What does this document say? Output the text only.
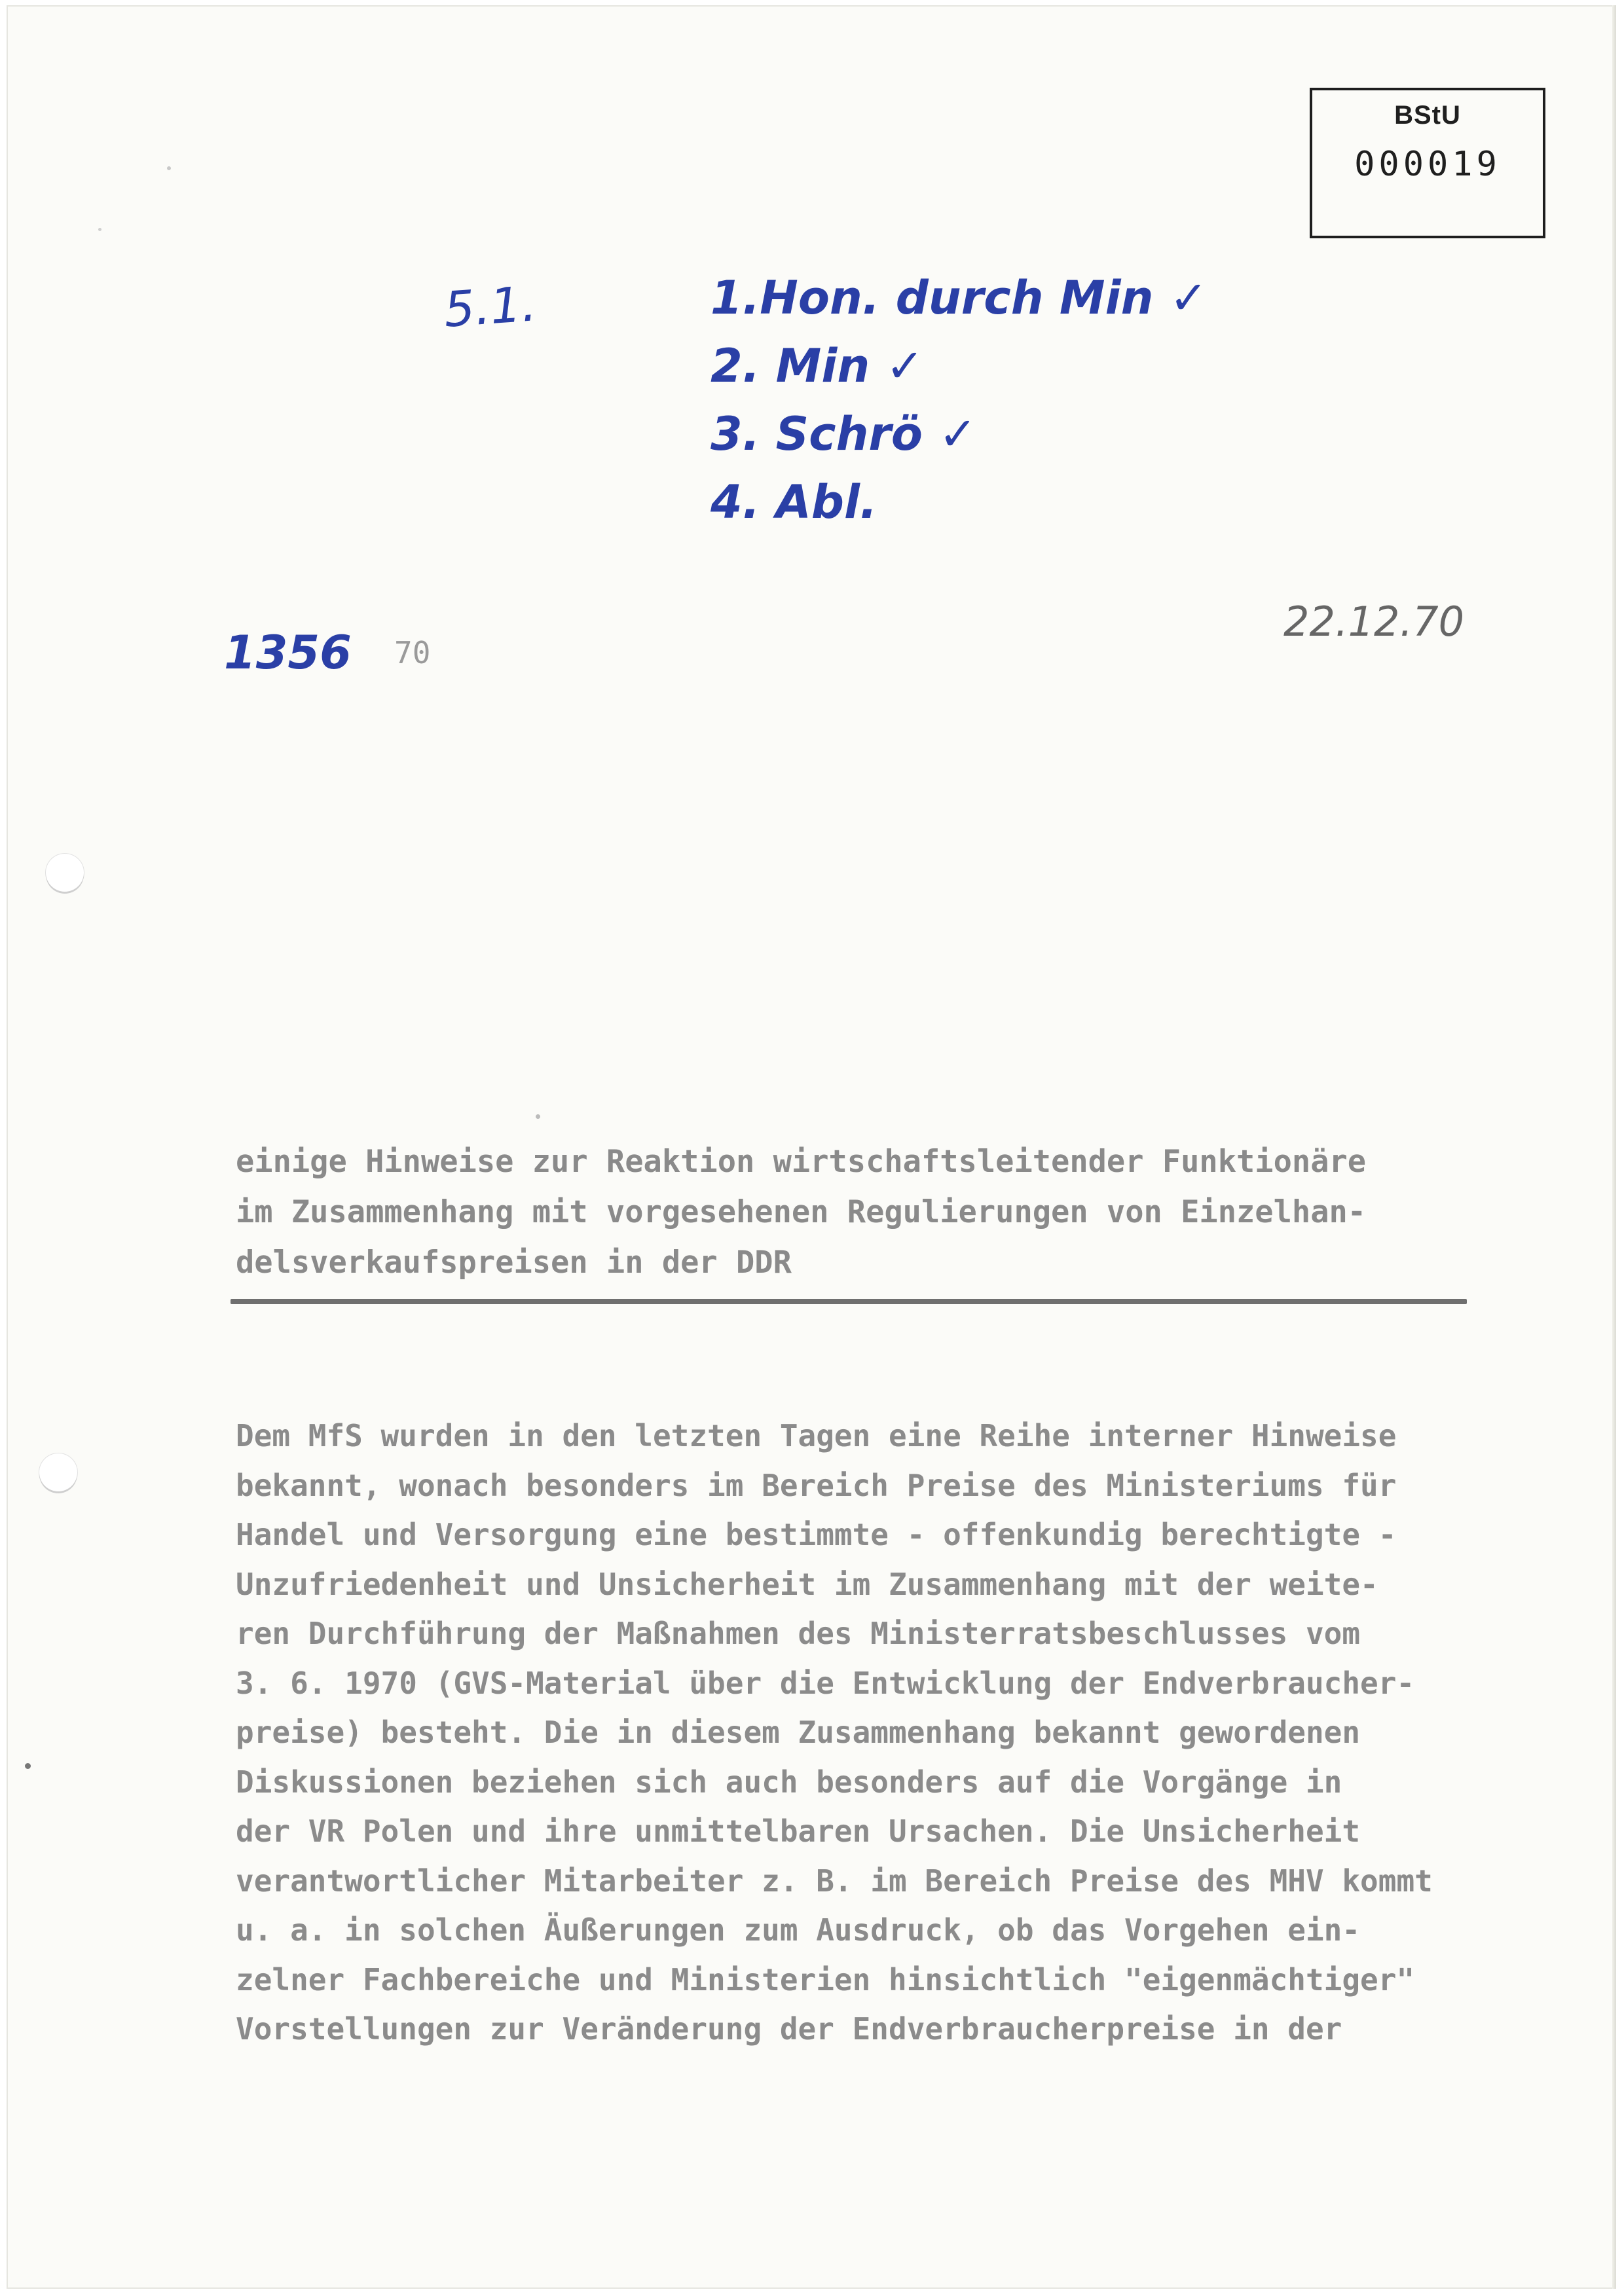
BStU
000019
5.1.	1.Hon. durch Min ✓
2. Min ✓
3. Schrö ✓
4. Abl.
22.12.70
1356 70
einige Hinweise zur Reaktion wirtschaftsleitender Funktionäre
im Zusammenhang mit vorgesehenen Regulierungen von Einzelhan-
delsverkaufspreisen in der DDR
Dem MfS wurden in den letzten Tagen eine Reihe interner Hinweise
bekannt, wonach besonders im Bereich Preise des Ministeriums für
Handel und Versorgung eine bestimmte - offenkundig berechtigte -
Unzufriedenheit und Unsicherheit im Zusammenhang mit der weite-
ren Durchführung der Maßnahmen des Ministerratsbeschlusses vom
3. 6. 1970 (GVS-Material über die Entwicklung der Endverbraucher-
preise) besteht. Die in diesem Zusammenhang bekannt gewordenen
Diskussionen beziehen sich auch besonders auf die Vorgänge in
der VR Polen und ihre unmittelbaren Ursachen. Die Unsicherheit
verantwortlicher Mitarbeiter z. B. im Bereich Preise des MHV kommt
u. a. in solchen Äußerungen zum Ausdruck, ob das Vorgehen ein-
zelner Fachbereiche und Ministerien hinsichtlich "eigenmächtiger"
Vorstellungen zur Veränderung der Endverbraucherpreise in der
